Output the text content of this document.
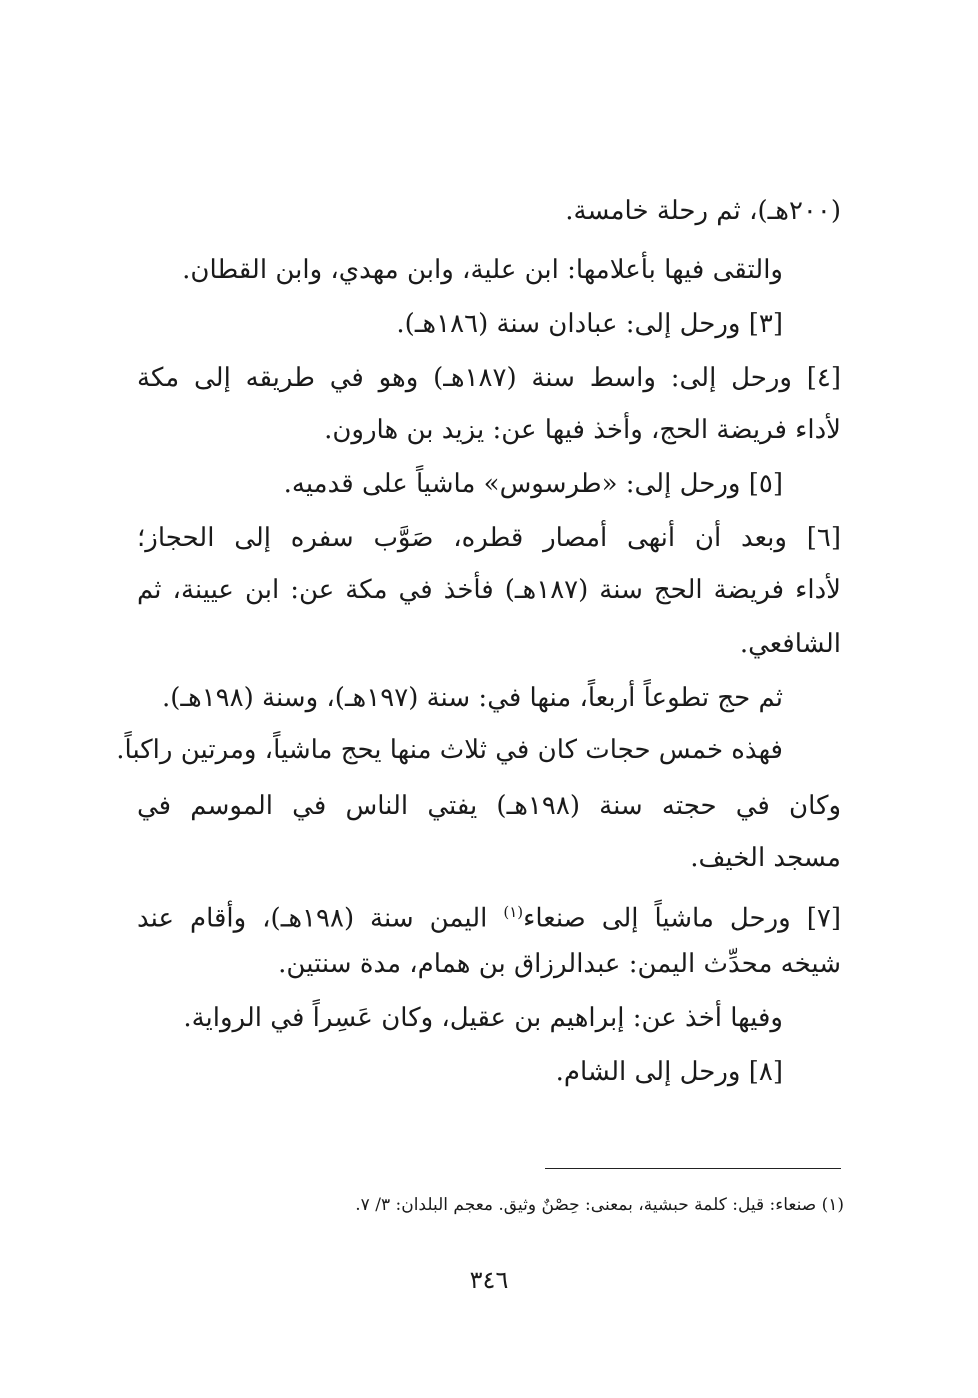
(٢٠٠هـ)، ثم رحلة خامسة.
والتقى فيها بأعلامها: ابن علية، وابن مهدي، وابن القطان.
[٣] ورحل إلى: عبادان سنة (١٨٦هـ).
[٤] ورحل إلى: واسط سنة (١٨٧هـ) وهو في طريقه إلى مكة
لأداء فريضة الحج، وأخذ فيها عن: يزيد بن هارون.
[٥] ورحل إلى: «طرسوس» ماشياً على قدميه.
[٦] وبعد أن أنهى أمصار قطره، صَوَّب سفره إلى الحجاز؛
لأداء فريضة الحج سنة (١٨٧هـ) فأخذ في مكة عن: ابن عيينة، ثم
الشافعي.
ثم حج تطوعاً أربعاً، منها في: سنة (١٩٧هـ)، وسنة (١٩٨هـ).
فهذه خمس حجات كان في ثلاث منها يحج ماشياً، ومرتين راكباً.
وكان في حجته سنة (١٩٨هـ) يفتي الناس في الموسم في
مسجد الخيف.
[٧] ورحل ماشياً إلى صنعاء$^{(١)}$ اليمن سنة (١٩٨هـ)، وأقام عند
شيخه محدِّث اليمن: عبدالرزاق بن همام، مدة سنتين.
وفيها أخذ عن: إبراهيم بن عقيل، وكان عَسِراً في الرواية.
[٨] ورحل إلى الشام.
(١) صنعاء: قيل: كلمة حبشية، بمعنى: حِصْنٌ وثيق. معجم البلدان: ٣/ ٧.
٣٤٦
